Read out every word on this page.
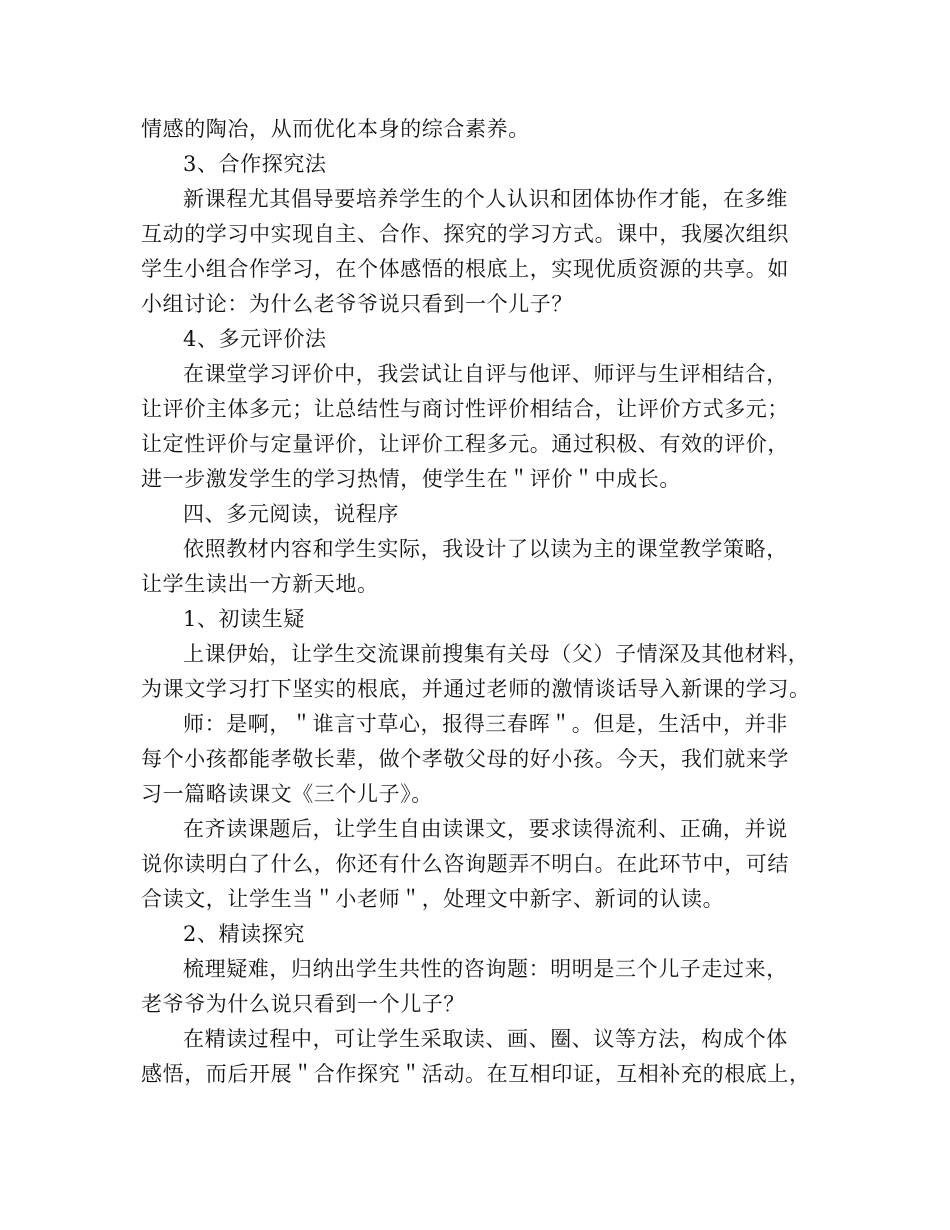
情感的陶冶，从而优化本身的综合素养。
3、合作探究法
新课程尤其倡导要培养学生的个人认识和团体协作才能，在多维
互动的学习中实现自主、合作、探究的学习方式。课中，我屡次组织
学生小组合作学习，在个体感悟的根底上，实现优质资源的共享。如
小组讨论：为什么老爷爷说只看到一个儿子？
4、多元评价法
在课堂学习评价中，我尝试让自评与他评、师评与生评相结合，
让评价主体多元；让总结性与商讨性评价相结合，让评价方式多元；
让定性评价与定量评价，让评价工程多元。通过积极、有效的评价，
进一步激发学生的学习热情，使学生在＂评价＂中成长。
四、多元阅读，说程序
依照教材内容和学生实际，我设计了以读为主的课堂教学策略，
让学生读出一方新天地。
1、初读生疑
上课伊始，让学生交流课前搜集有关母（父）子情深及其他材料，
为课文学习打下坚实的根底，并通过老师的激情谈话导入新课的学习。
师：是啊，＂谁言寸草心，报得三春晖＂。但是，生活中，并非
每个小孩都能孝敬长辈，做个孝敬父母的好小孩。今天，我们就来学
习一篇略读课文《三个儿子》。
在齐读课题后，让学生自由读课文，要求读得流利、正确，并说
说你读明白了什么，你还有什么咨询题弄不明白。在此环节中，可结
合读文，让学生当＂小老师＂，处理文中新字、新词的认读。
2、精读探究
梳理疑难，归纳出学生共性的咨询题：明明是三个儿子走过来，
老爷爷为什么说只看到一个儿子？
在精读过程中，可让学生采取读、画、圈、议等方法，构成个体
感悟，而后开展＂合作探究＂活动。在互相印证，互相补充的根底上，
